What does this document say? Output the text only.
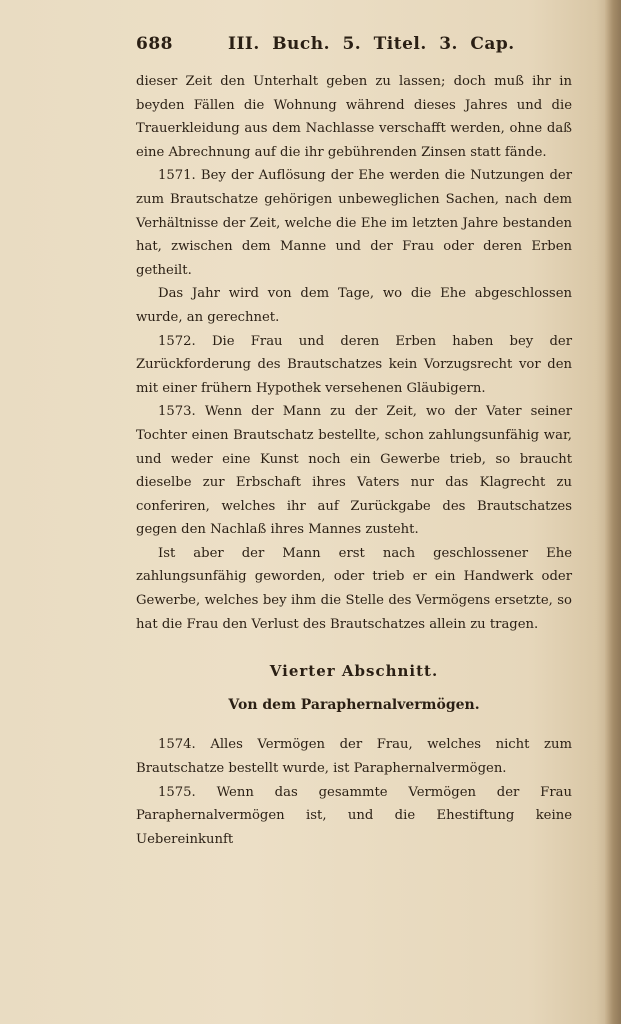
688	III. Buch. 5. Titel. 3. Cap.

dieser Zeit den Unterhalt geben zu lassen; doch muß ihr in beyden Fällen die Wohnung während dieses Jahres und die Trauerkleidung aus dem Nachlasse verschafft werden, ohne daß eine Abrechnung auf die ihr gebührenden Zinsen statt fände.

1571. Bey der Auflösung der Ehe werden die Nutzungen der zum Brautschatze gehörigen unbeweglichen Sachen, nach dem Verhältnisse der Zeit, welche die Ehe im letzten Jahre bestanden hat, zwischen dem Manne und der Frau oder deren Erben getheilt.

Das Jahr wird von dem Tage, wo die Ehe abgeschlossen wurde, an gerechnet.

1572. Die Frau und deren Erben haben bey der Zurückforderung des Brautschatzes kein Vorzugsrecht vor den mit einer frühern Hypothek versehenen Gläubigern.

1573. Wenn der Mann zu der Zeit, wo der Vater seiner Tochter einen Brautschatz bestellte, schon zahlungsunfähig war, und weder eine Kunst noch ein Gewerbe trieb, so braucht dieselbe zur Erbschaft ihres Vaters nur das Klagrecht zu conferiren, welches ihr auf Zurückgabe des Brautschatzes gegen den Nachlaß ihres Mannes zusteht.

Ist aber der Mann erst nach geschlossener Ehe zahlungsunfähig geworden, oder trieb er ein Handwerk oder Gewerbe, welches bey ihm die Stelle des Vermögens ersetzte, so hat die Frau den Verlust des Brautschatzes allein zu tragen.

Vierter Abschnitt.
Von dem Paraphernalvermögen.

1574. Alles Vermögen der Frau, welches nicht zum Brautschatze bestellt wurde, ist Paraphernalvermögen.

1575. Wenn das gesammte Vermögen der Frau Paraphernalvermögen ist, und die Ehestiftung keine Uebereinkunft
